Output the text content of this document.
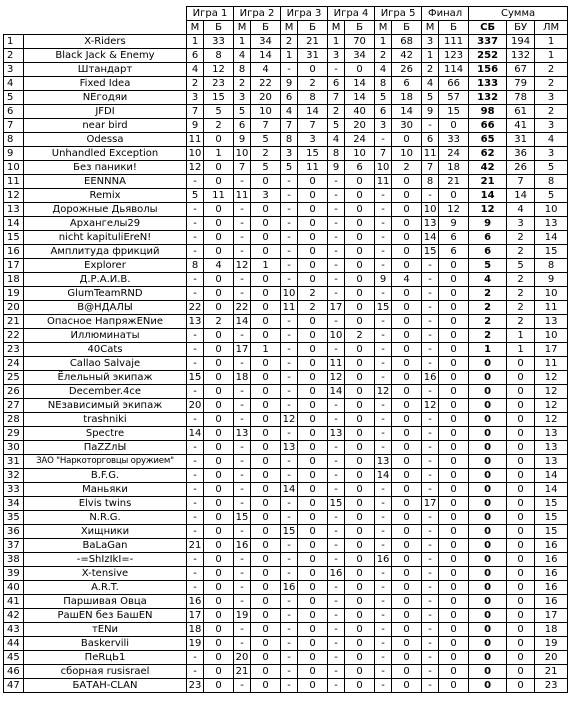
		Игра 1		Игра 2		Игра 3		Игра 4		Игра 5		Финал		Сумма		
		М	Б	М	Б	М	Б	М	Б	М	Б	М	Б	СБ	БУ	ЛМ
1	X-Riders	1	33	1	34	2	21	1	70	1	68	3	111	337	194	1
2	Black Jack & Enemy	6	8	4	14	1	31	3	34	2	42	1	123	252	132	1
3	Штандарт	4	12	8	4	-	0	-	0	4	26	2	114	156	67	2
4	Fixed Idea	2	23	2	22	9	2	6	14	8	6	4	66	133	79	2
5	NEгодяи	3	15	3	20	6	8	7	14	5	18	5	57	132	78	3
6	JFDI	7	5	5	10	4	14	2	40	6	14	9	15	98	61	2
7	near bird	9	2	6	7	7	7	5	20	3	30	-	0	66	41	3
8	Odessa	11	0	9	5	8	3	4	24	-	0	6	33	65	31	4
9	Unhandled Exception	10	1	10	2	3	15	8	10	7	10	11	24	62	36	3
10	Без паники!	12	0	7	5	5	11	9	6	10	2	7	18	42	26	5
11	EENNNA	-	0	-	0	-	0	-	0	11	0	8	21	21	7	8
12	Remix	5	11	11	3	-	0	-	0	-	0	-	0	14	14	5
13	Дорожные Дьяволы	-	0	-	0	-	0	-	0	-	0	10	12	12	4	10
14	Архангелы29	-	0	-	0	-	0	-	0	-	0	13	9	9	3	13
15	nicht kapituliEreN!	-	0	-	0	-	0	-	0	-	0	14	6	6	2	14
16	Амплитуда фрикций	-	0	-	0	-	0	-	0	-	0	15	6	6	2	15
17	Explorer	8	4	12	1	-	0	-	0	-	0	-	0	5	5	8
18	Д.Р.А.И.В.	-	0	-	0	-	0	-	0	9	4	-	0	4	2	9
19	GlumTeamRND	-	0	-	0	10	2	-	0	-	0	-	0	2	2	10
20	В@НДАЛЫ	22	0	22	0	11	2	17	0	15	0	-	0	2	2	11
21	Опасное НапряжENие	13	2	14	0	-	0	-	0	-	0	-	0	2	2	13
22	Иллюминаты	-	0	-	0	-	0	10	2	-	0	-	0	2	1	10
23	40Cats	-	0	17	1	-	0	-	0	-	0	-	0	1	1	17
24	Callao Salvaje	-	0	-	0	-	0	11	0	-	0	-	0	0	0	11
25	Ёлельный экипаж	15	0	18	0	-	0	12	0	-	0	16	0	0	0	12
26	December.4ce	-	0	-	0	-	0	14	0	12	0	-	0	0	0	12
27	NEзависимый экипаж	20	0	-	0	-	0	-	0	-	0	12	0	0	0	12
28	trashniki	-	0	-	0	12	0	-	0	-	0	-	0	0	0	12
29	Spectre	14	0	13	0	-	0	13	0	-	0	-	0	0	0	13
30	ПаZZлЫ	-	0	-	0	13	0	-	0	-	0	-	0	0	0	13
31	ЗАО "Наркоторговцы оружием"	-	0	-	0	-	0	-	0	13	0	-	0	0	0	13
32	B.F.G.	-	0	-	0	-	0	-	0	14	0	-	0	0	0	14
33	Маньяки	-	0	-	0	14	0	-	0	-	0	-	0	0	0	14
34	Elvis twins	-	0	-	0	-	0	15	0	-	0	17	0	0	0	15
35	N.R.G.	-	0	15	0	-	0	-	0	-	0	-	0	0	0	15
36	Хищники	-	0	-	0	15	0	-	0	-	0	-	0	0	0	15
37	BaLaGan	21	0	16	0	-	0	-	0	-	0	-	0	0	0	16
38	-=ShIzIkI=-	-	0	-	0	-	0	-	0	16	0	-	0	0	0	16
39	X-tensive	-	0	-	0	-	0	16	0	-	0	-	0	0	0	16
40	A.R.T.	-	0	-	0	16	0	-	0	-	0	-	0	0	0	16
41	Паршивая Овца	16	0	-	0	-	0	-	0	-	0	-	0	0	0	16
42	РашEN без БашEN	17	0	19	0	-	0	-	0	-	0	-	0	0	0	17
43	тENи	18	0	-	0	-	0	-	0	-	0	-	0	0	0	18
44	Baskervili	19	0	-	0	-	0	-	0	-	0	-	0	0	0	19
45	ПеRцЬ1	-	0	20	0	-	0	-	0	-	0	-	0	0	0	20
46	сборная rusisrael	-	0	21	0	-	0	-	0	-	0	-	0	0	0	21
47	БАТАН-CLAN	23	0	-	0	-	0	-	0	-	0	-	0	0	0	23
